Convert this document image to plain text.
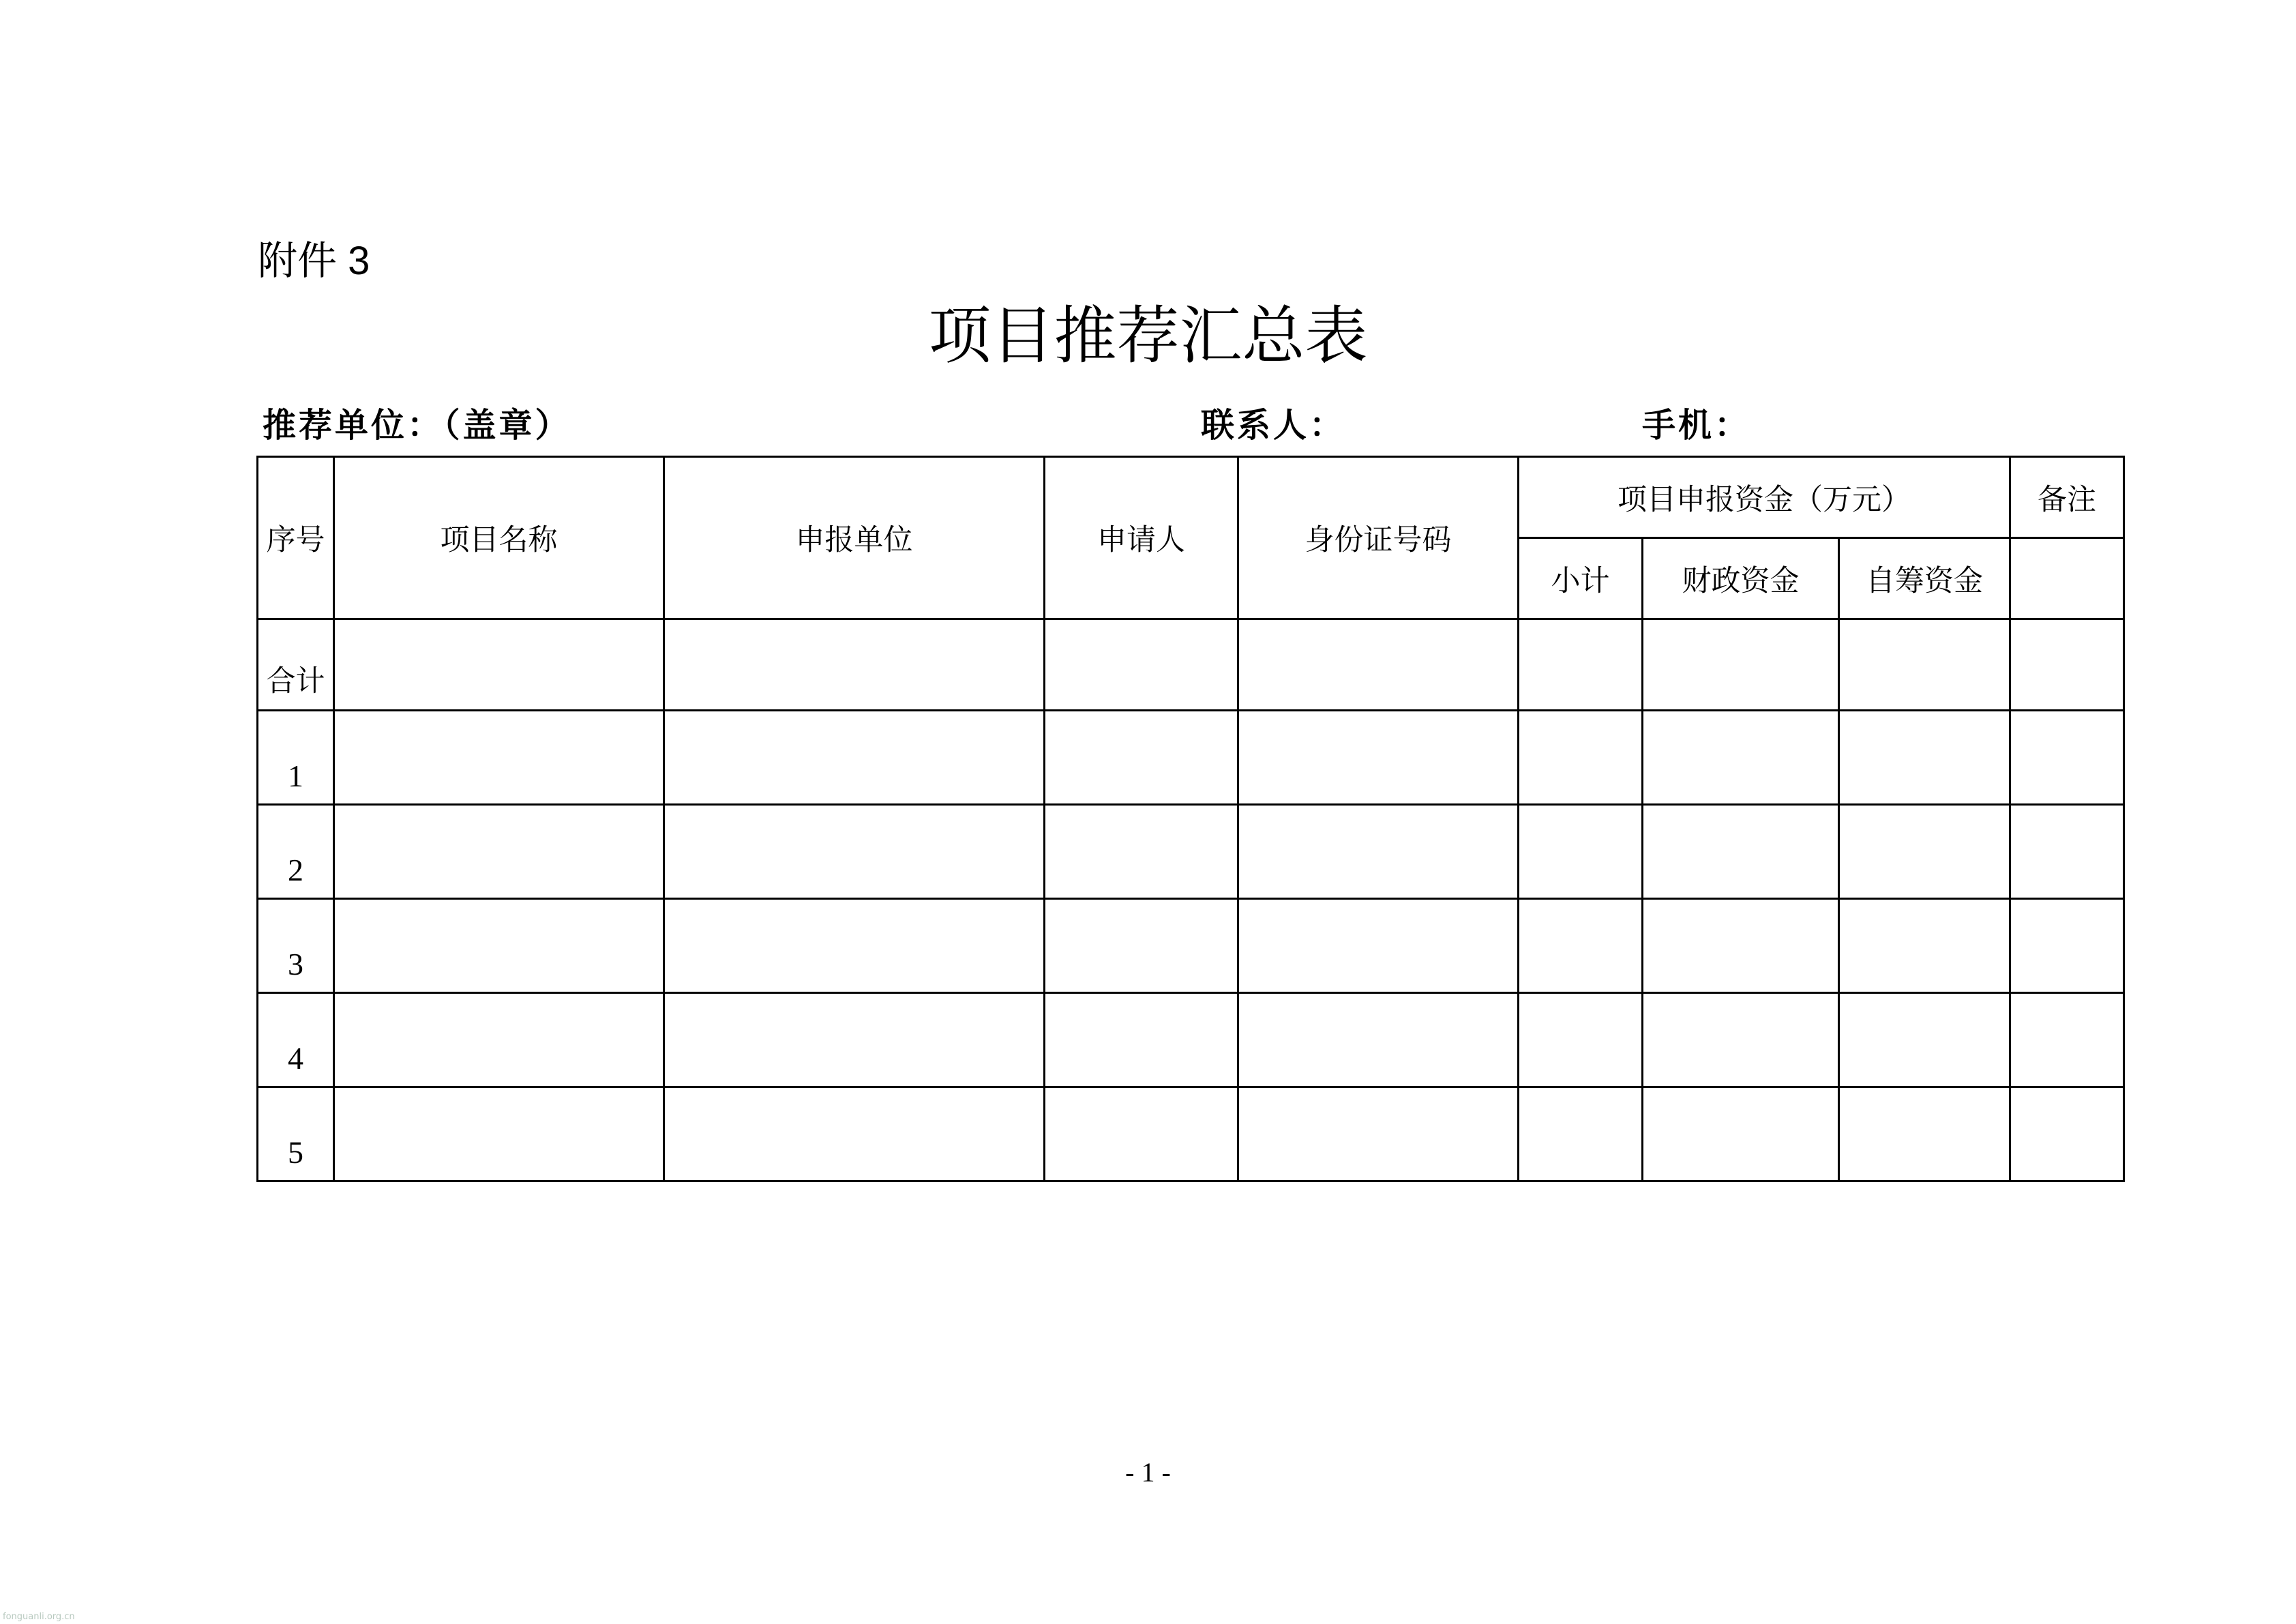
附件 3
项目推荐汇总表
推荐单位：（盖章）	联系人：	手机：
序号	项目名称	申报单位	申请人	身份证号码	项目申报资金（万元）			备注
					小计	财政资金	自筹资金	
合计								
1								
2								
3								
4								
5								
- 1 -
fonguanli.org.cn
